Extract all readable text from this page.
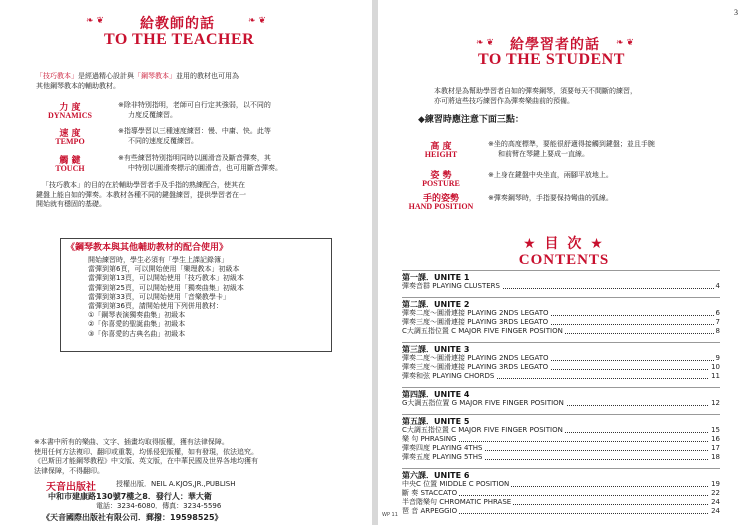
❧ ❦	給教師的話	❧ ❦
TO THE TEACHER
「技巧教本」是經過精心設計與「鋼琴教本」並用的教材也可用為
其他鋼琴教本的輔助教材。
力 度
DYNAMICS
※除非特別指明，老師可自行定其強弱，以不同的
力度反覆練習。
速 度
TEMPO
※指導學習以三種速度練習：慢、中庸、快。此等
不同的速度反覆練習。
觸 鍵
TOUCH
※有些練習特別指明同時以圓滑音及斷音彈奏，其
中特別以圓滑奏標示的圓滑音，也可用斷音彈奏。
「技巧教本」的目的在於輔助學習者手及手指的熟練配合，使其在
鍵盤上能自如的彈奏。本教材各種不同的鍵盤練習，提供學習者在一
開始就有穩固的基礎。
《鋼琴教本與其他輔助教材的配合使用》
開始練習時，學生必須有「學生上課記錄簿」
當彈到第6頁，可以開始使用「樂理教本」初級本
當彈到第13頁，可以開始使用「技巧教本」初級本
當彈到第25頁，可以開始使用「獨奏曲集」初級本
當彈到第33頁，可以開始使用「音樂教學卡」
當彈到第36頁，請開始使用下列併用教材：
①「鋼琴表演獨奏曲集」初級本
②「你喜愛的聖誕曲集」初級本
③「你喜愛的古典名曲」初級本
※本書中所有的樂曲、文字、插畫均取得版權，獲有法律保障。
使用任何方法複印、翻印或重製，均係侵犯版權，如有發現，依法追究。
《巴斯田才能鋼琴教程》中文版、英文版，在中華民國及世界各地均獲有
法律保障，不得翻印。
天音出版社	授權出版．NEIL A.KJOS,JR.,PUBLISH
中和市建康路130號7樓之8．發行人：華大衛
電話：3234-6080．傳真：3234-5596
《天音國際出版社有限公司．郵撥：19598525》
3
❧ ❦ 給學習者的話 ❧ ❦
TO THE STUDENT
本教材是為幫助學習者自如的彈奏鋼琴，須要每天不間斷的練習，
亦可將這些技巧練習作為彈奏樂曲前的預備。
◆練習時應注意下面三點：
高 度
HEIGHT
※坐的高度標準，要能很舒適得接觸到鍵盤；並且手腕
和前臂在琴鍵上要成一直線。
姿 勢
POSTURE
※上身在鍵盤中央坐直，兩腳平放地上。
手的姿勢
HAND POSITION
※彈奏鋼琴時，手指要保持彎曲的弧線。
★ 目 次 ★
CONTENTS
WP 11
第一課．UNITE 1
彈奏音群 PLAYING CLUSTERS	4
第二課．UNITE 2
彈奏二度～圓滑連接 PLAYING 2NDS LEGATO	6
彈奏三度～圓滑連接 PLAYING 3RDS LEGATO	7
C大調五指位置 C MAJOR FIVE FINGER POSITION	8
第三課．UNITE 3
彈奏二度～圓滑連接 PLAYING 2NDS LEGATO	9
彈奏三度～圓滑連接 PLAYING 3RDS LEGATO	10
彈奏和弦 PLAYING CHORDS	11
第四課．UNITE 4
G大調五指位置 G MAJOR FIVE FINGER POSITION	12
第五課．UNITE 5
C大調五指位置 C MAJOR FIVE FINGER POSITION	15
樂 句 PHRASING	16
彈奏四度 PLAYING 4THS	17
彈奏五度 PLAYING 5THS	18
第六課．UNITE 6
中央C 位置 MIDDLE C POSITION	19
斷 奏 STACCATO	22
半音階樂句 CHROMATIC PHRASE	24
琶 音 ARPEGGIO	24
